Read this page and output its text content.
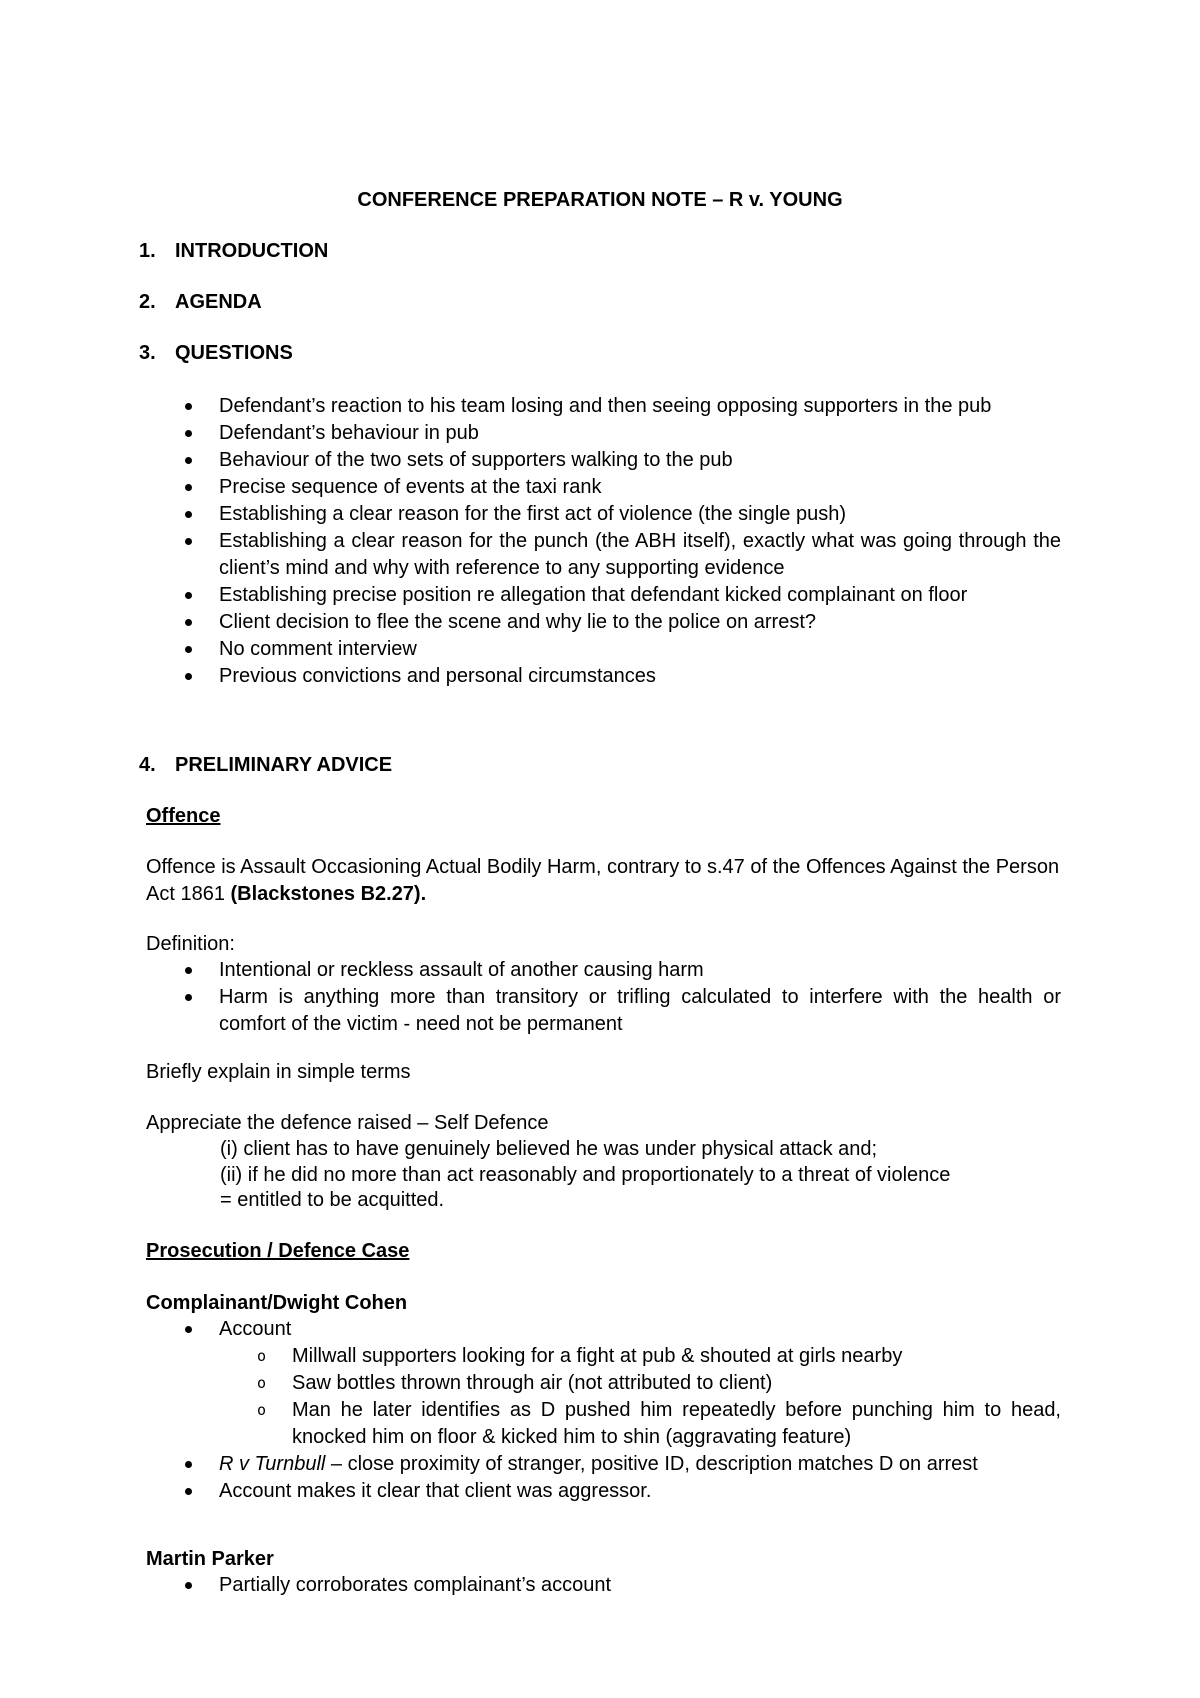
CONFERENCE PREPARATION NOTE – R v. YOUNG
1. INTRODUCTION
2. AGENDA
3. QUESTIONS
Defendant’s reaction to his team losing and then seeing opposing supporters in the pub
Defendant’s behaviour in pub
Behaviour of the two sets of supporters walking to the pub
Precise sequence of events at the taxi rank
Establishing a clear reason for the first act of violence (the single push)
Establishing a clear reason for the punch (the ABH itself), exactly what was going through the client’s mind and why with reference to any supporting evidence
Establishing precise position re allegation that defendant kicked complainant on floor
Client decision to flee the scene and why lie to the police on arrest?
No comment interview
Previous convictions and personal circumstances
4. PRELIMINARY ADVICE
Offence
Offence is Assault Occasioning Actual Bodily Harm, contrary to s.47 of the Offences Against the Person Act 1861 (Blackstones B2.27).
Definition:
Intentional or reckless assault of another causing harm
Harm is anything more than transitory or trifling calculated to interfere with the health or comfort of the victim - need not be permanent
Briefly explain in simple terms
Appreciate the defence raised – Self Defence
(i) client has to have genuinely believed he was under physical attack and;
(ii) if he did no more than act reasonably and proportionately to a threat of violence
= entitled to be acquitted.
Prosecution / Defence Case
Complainant/Dwight Cohen
Account
o Millwall supporters looking for a fight at pub & shouted at girls nearby
o Saw bottles thrown through air (not attributed to client)
o Man he later identifies as D pushed him repeatedly before punching him to head, knocked him on floor & kicked him to shin (aggravating feature)
R v Turnbull – close proximity of stranger, positive ID, description matches D on arrest
Account makes it clear that client was aggressor.
Martin Parker
Partially corroborates complainant’s account
